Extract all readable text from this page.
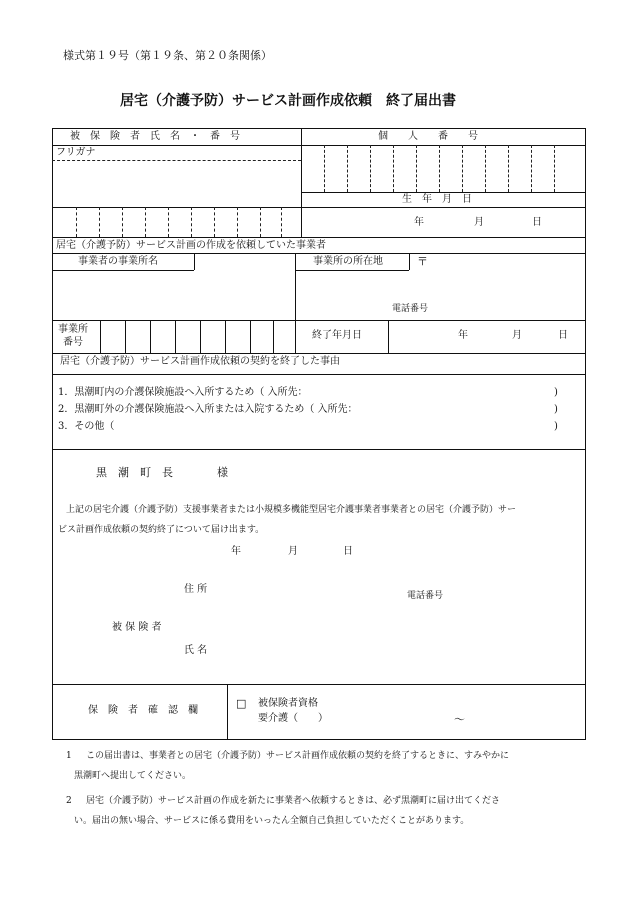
様式第１９号（第１９条、第２０条関係）
居宅（介護予防）サービス計画作成依頼　終了届出書
被　保　険　者　氏　名　・　番　号	個　　人　　番　　号
フリガナ
生　年　月　日
年	月	日
居宅（介護予防）サービス計画の作成を依頼していた事業者
事業者の事業所名	事業所の所在地	〒
電話番号
事業所
番号
終了年月日	年	月	日
居宅（介護予防）サービス計画作成依頼の契約を終了した事由
1．黒潮町内の介護保険施設へ入所するため（ 入所先：	)
2．黒潮町外の介護保険施設へ入所または入院するため（ 入所先：	)
3．その他（	)
黒　潮　町　長　　　　様
上記の居宅介護（介護予防）支援事業者または小規模多機能型居宅介護事業者事業者との居宅（介護予防）サー
ビス計画作成依頼の契約終了について届け出ます。
年	月	日
住 所
電話番号
被 保 険 者
氏 名
保　険　者　確　認　欄
□ 被保険者資格
要介護（　　）	～
1 この届出書は、事業者との居宅（介護予防）サービス計画作成依頼の契約を終了するときに、すみやかに
黒潮町へ提出してください。
2 居宅（介護予防）サービス計画の作成を新たに事業者へ依頼するときは、必ず黒潮町に届け出てくださ
い。届出の無い場合、サービスに係る費用をいったん全額自己負担していただくことがあります。
